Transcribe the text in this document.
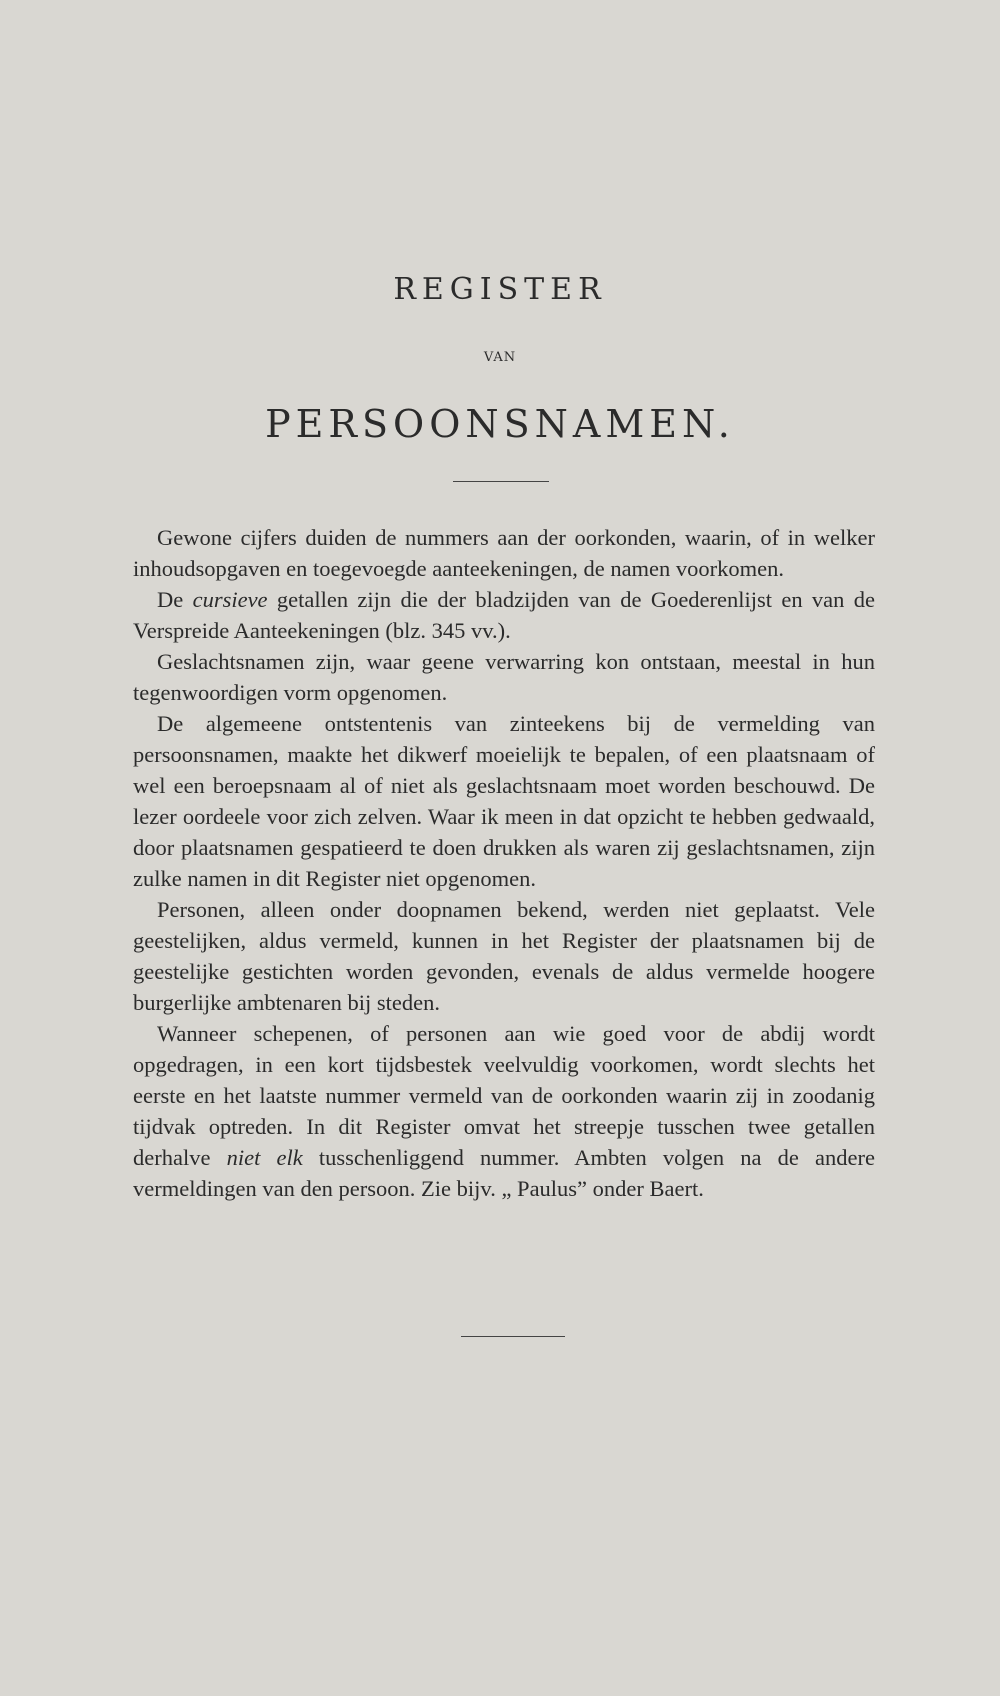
REGISTER
VAN
PERSOONSNAMEN.

Gewone cijfers duiden de nummers aan der oorkonden, waarin, of in welker inhoudsopgaven en toegevoegde aanteekeningen, de namen voorkomen.

De cursieve getallen zijn die der bladzijden van de Goederenlijst en van de Verspreide Aanteekeningen (blz. 345 vv.).

Geslachtsnamen zijn, waar geene verwarring kon ontstaan, meestal in hun tegenwoordigen vorm opgenomen.

De algemeene ontstentenis van zinteekens bij de vermelding van persoonsnamen, maakte het dikwerf moeielijk te bepalen, of een plaatsnaam of wel een beroepsnaam al of niet als geslachtsnaam moet worden beschouwd. De lezer oordeele voor zich zelven. Waar ik meen in dat opzicht te hebben gedwaald, door plaatsnamen gespatieerd te doen drukken als waren zij geslachtsnamen, zijn zulke namen in dit Register niet opgenomen.

Personen, alleen onder doopnamen bekend, werden niet geplaatst. Vele geestelijken, aldus vermeld, kunnen in het Register der plaatsnamen bij de geestelijke gestichten worden gevonden, evenals de aldus vermelde hoogere burgerlijke ambtenaren bij steden.

Wanneer schepenen, of personen aan wie goed voor de abdij wordt opgedragen, in een kort tijdsbestek veelvuldig voorkomen, wordt slechts het eerste en het laatste nummer vermeld van de oorkonden waarin zij in zoodanig tijdvak optreden. In dit Register omvat het streepje tusschen twee getallen derhalve niet elk tusschenliggend nummer. Ambten volgen na de andere vermeldingen van den persoon. Zie bijv. „ Paulus” onder Baert.
